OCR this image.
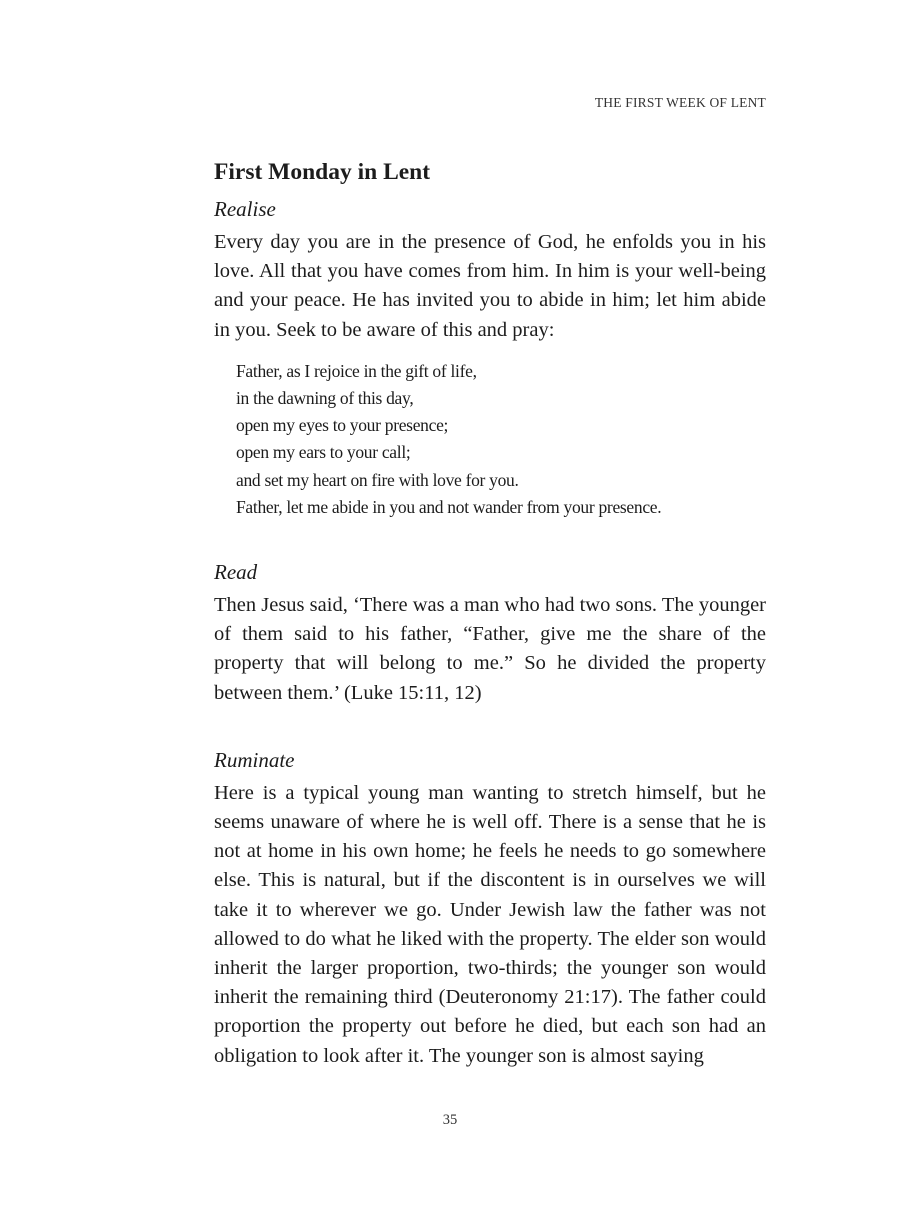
THE FIRST WEEK OF LENT
First Monday in Lent

Realise

Every day you are in the presence of God, he enfolds you in his love. All that you have comes from him. In him is your well-being and your peace. He has invited you to abide in him; let him abide in you. Seek to be aware of this and pray:

Father, as I rejoice in the gift of life,
in the dawning of this day,
open my eyes to your presence;
open my ears to your call;
and set my heart on fire with love for you.
Father, let me abide in you and not wander from your presence.

Read

Then Jesus said, ‘There was a man who had two sons. The younger of them said to his father, “Father, give me the share of the property that will belong to me.” So he divided the property between them.’ (Luke 15:11, 12)

Ruminate

Here is a typical young man wanting to stretch himself, but he seems unaware of where he is well off. There is a sense that he is not at home in his own home; he feels he needs to go somewhere else. This is natural, but if the discontent is in ourselves we will take it to wherever we go. Under Jewish law the father was not allowed to do what he liked with the property. The elder son would inherit the larger proportion, two-thirds; the younger son would inherit the remaining third (Deuteronomy 21:17). The father could proportion the property out before he died, but each son had an obligation to look after it. The younger son is almost saying

35
